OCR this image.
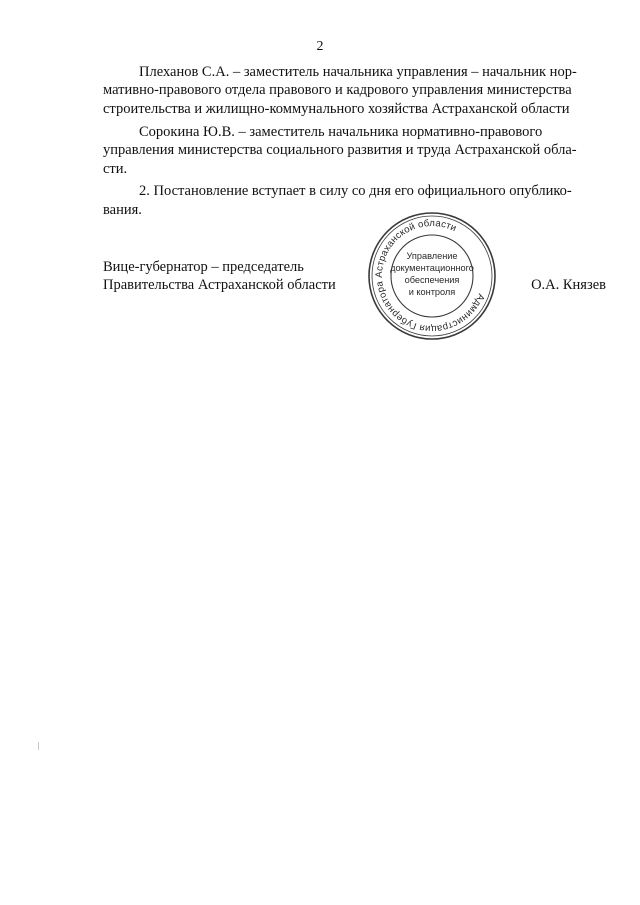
2

Плеханов С.А. – заместитель начальника управления – начальник нор-
мативно-правового отдела правового и кадрового управления министерства
строительства и жилищно-коммунального хозяйства Астраханской области

Сорокина Ю.В. – заместитель начальника нормативно-правового
управления министерства социального развития и труда Астраханской обла-
сти.

2. Постановление вступает в силу со дня его официального опублико-
вания.

Вице-губернатор – председатель
Правительства Астраханской области	О.А. Князев
Администрация Губернатора Астраханской области
Управление
документационного
обеспечения
и контроля
